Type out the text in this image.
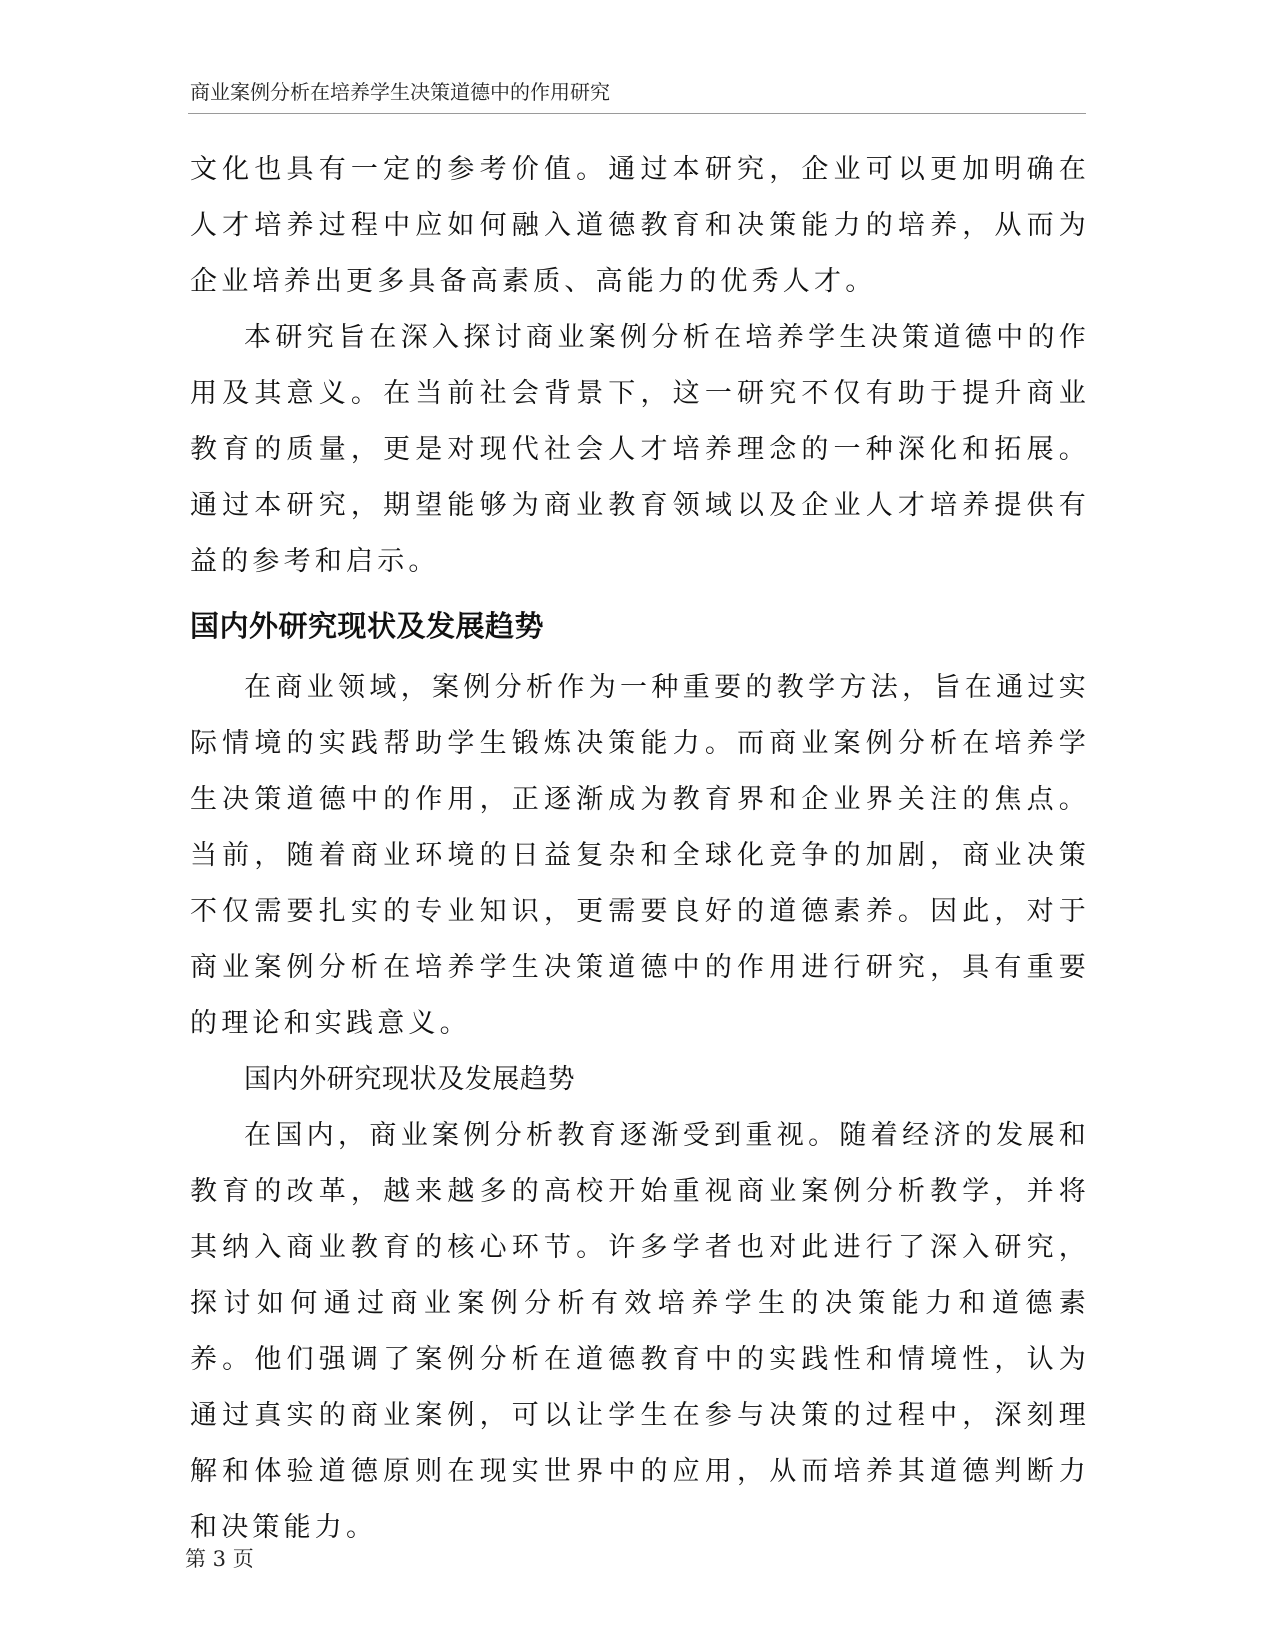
商业案例分析在培养学生决策道德中的作用研究

文化也具有一定的参考价值。通过本研究，企业可以更加明确在人才培养过程中应如何融入道德教育和决策能力的培养，从而为企业培养出更多具备高素质、高能力的优秀人才。

本研究旨在深入探讨商业案例分析在培养学生决策道德中的作用及其意义。在当前社会背景下，这一研究不仅有助于提升商业教育的质量，更是对现代社会人才培养理念的一种深化和拓展。通过本研究，期望能够为商业教育领域以及企业人才培养提供有益的参考和启示。

国内外研究现状及发展趋势

在商业领域，案例分析作为一种重要的教学方法，旨在通过实际情境的实践帮助学生锻炼决策能力。而商业案例分析在培养学生决策道德中的作用，正逐渐成为教育界和企业界关注的焦点。当前，随着商业环境的日益复杂和全球化竞争的加剧，商业决策不仅需要扎实的专业知识，更需要良好的道德素养。因此，对于商业案例分析在培养学生决策道德中的作用进行研究，具有重要的理论和实践意义。

国内外研究现状及发展趋势

在国内，商业案例分析教育逐渐受到重视。随着经济的发展和教育的改革，越来越多的高校开始重视商业案例分析教学，并将其纳入商业教育的核心环节。许多学者也对此进行了深入研究，探讨如何通过商业案例分析有效培养学生的决策能力和道德素养。他们强调了案例分析在道德教育中的实践性和情境性，认为通过真实的商业案例，可以让学生在参与决策的过程中，深刻理解和体验道德原则在现实世界中的应用，从而培养其道德判断力和决策能力。

第 3 页
